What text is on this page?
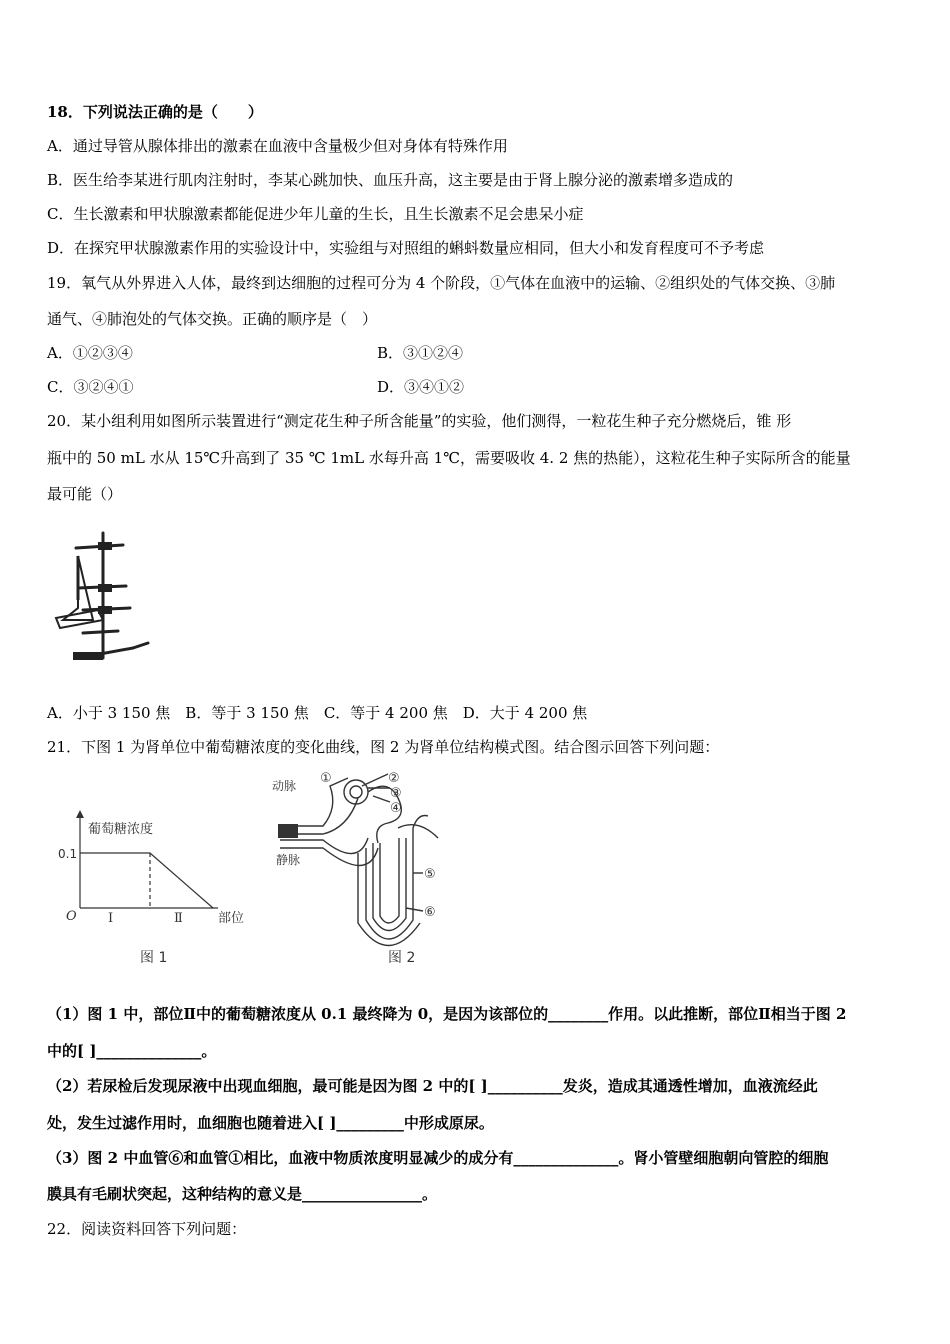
18．下列说法正确的是（　　）
A．通过导管从腺体排出的激素在血液中含量极少但对身体有特殊作用
B．医生给李某进行肌肉注射时，李某心跳加快、血压升高，这主要是由于肾上腺分泌的激素增多造成的
C．生长激素和甲状腺激素都能促进少年儿童的生长，且生长激素不足会患呆小症
D．在探究甲状腺激素作用的实验设计中，实验组与对照组的蝌蚪数量应相同，但大小和发育程度可不予考虑
19．氧气从外界进入人体，最终到达细胞的过程可分为 4 个阶段，①气体在血液中的运输、②组织处的气体交换、③肺
通气、④肺泡处的气体交换。正确的顺序是（　）
A．①②③④	B．③①②④
C．③②④①	D．③④①②
20．某小组利用如图所示装置进行“测定花生种子所含能量”的实验，他们测得，一粒花生种子充分燃烧后，锥 形
瓶中的 50 mL 水从 15℃升高到了 35 ℃ 1mL 水每升高 1℃，需要吸收 4. 2 焦的热能），这粒花生种子实际所含的能量
最可能（）
A．小于 3 150 焦　B．等于 3 150 焦　C．等于 4 200 焦　D．大于 4 200 焦
21．下图 1 为肾单位中葡萄糖浓度的变化曲线，图 2 为肾单位结构模式图。结合图示回答下列问题：
葡萄糖浓度
0.1
O Ⅰ	Ⅱ	部位
图 1
动脉
静脉
①	②
③
④
⑤
⑥
图 2
（1）图 1 中，部位Ⅱ中的葡萄糖浓度从 0.1 最终降为 0，是因为该部位的________作用。以此推断，部位Ⅱ相当于图 2
中的[ ]______________。
（2）若尿检后发现尿液中出现血细胞，最可能是因为图 2 中的[ ]__________发炎，造成其通透性增加，血液流经此
处，发生过滤作用时，血细胞也随着进入[ ]_________中形成原尿。
（3）图 2 中血管⑥和血管①相比，血液中物质浓度明显减少的成分有______________。肾小管壁细胞朝向管腔的细胞
膜具有毛刷状突起，这种结构的意义是________________。
22．阅读资料回答下列问题：
